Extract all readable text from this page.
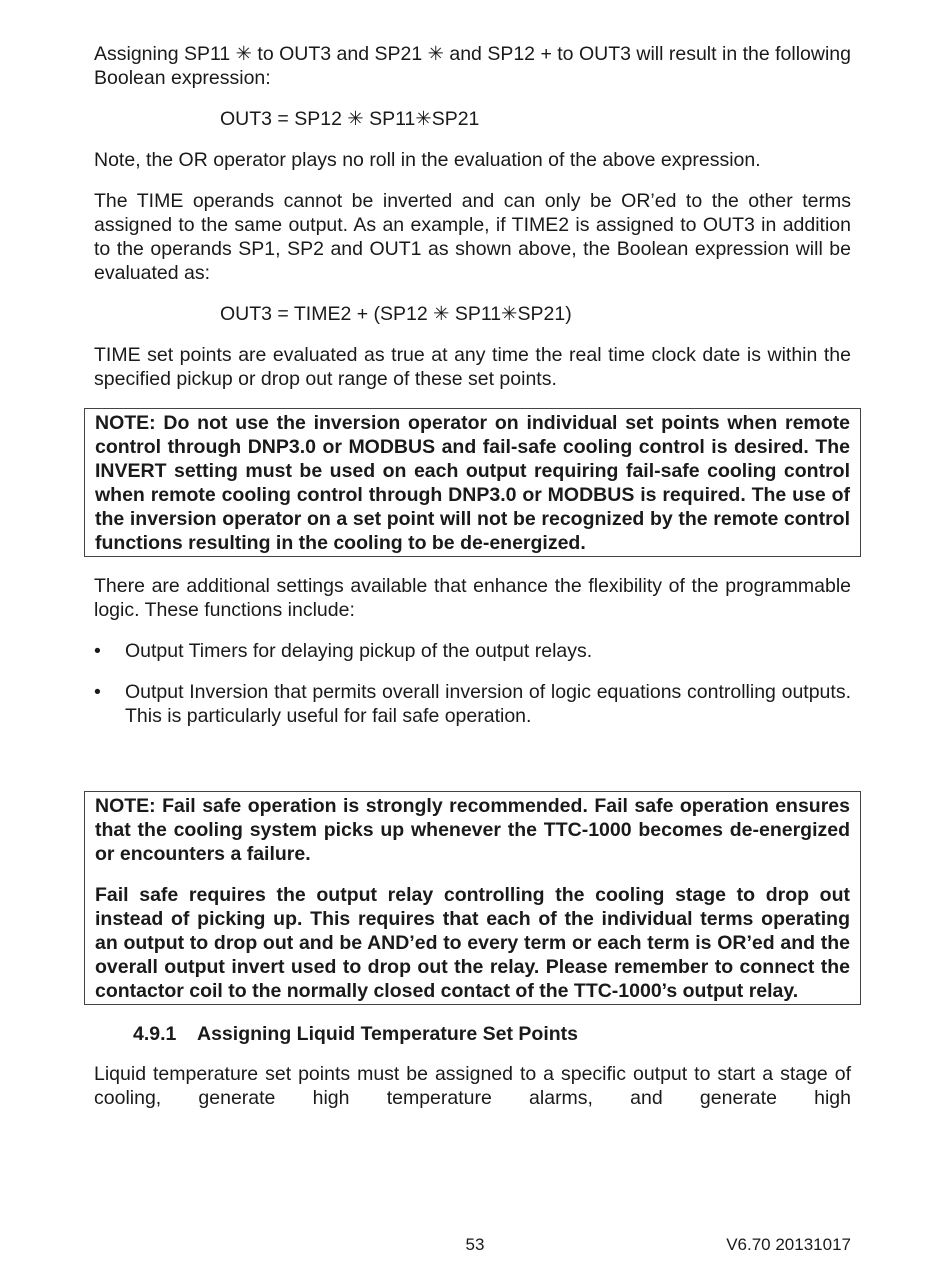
Assigning SP11 ✳ to OUT3 and SP21 ✳ and SP12 + to OUT3 will result in the following Boolean expression:

OUT3 = SP12 ✳ SP11✳SP21

Note, the OR operator plays no roll in the evaluation of the above expression.

The TIME operands cannot be inverted and can only be OR’ed to the other terms assigned to the same output. As an example, if TIME2 is assigned to OUT3 in addition to the operands SP1, SP2 and OUT1 as shown above, the Boolean expression will be evaluated as:

OUT3 = TIME2 + (SP12 ✳ SP11✳SP21)

TIME set points are evaluated as true at any time the real time clock date is within the specified pickup or drop out range of these set points.

NOTE: Do not use the inversion operator on individual set points when remote control through DNP3.0 or MODBUS and fail-safe cooling control is desired. The INVERT setting must be used on each output requiring fail-safe cooling control when remote cooling control through DNP3.0 or MODBUS is required. The use of the inversion operator on a set point will not be recognized by the remote control functions resulting in the cooling to be de-energized.

There are additional settings available that enhance the flexibility of the programmable logic. These functions include:

•	Output Timers for delaying pickup of the output relays.

•	Output Inversion that permits overall inversion of logic equations controlling outputs. This is particularly useful for fail safe operation.

NOTE: Fail safe operation is strongly recommended. Fail safe operation ensures that the cooling system picks up whenever the TTC-1000 becomes de-energized or encounters a failure.

Fail safe requires the output relay controlling the cooling stage to drop out instead of picking up. This requires that each of the individual terms operating an output to drop out and be AND’ed to every term or each term is OR’ed and the overall output invert used to drop out the relay. Please remember to connect the contactor coil to the normally closed contact of the TTC-1000’s output relay.

4.9.1 Assigning Liquid Temperature Set Points

Liquid temperature set points must be assigned to a specific output to start a stage of cooling, generate high temperature alarms, and generate high

53	V6.70 20131017
